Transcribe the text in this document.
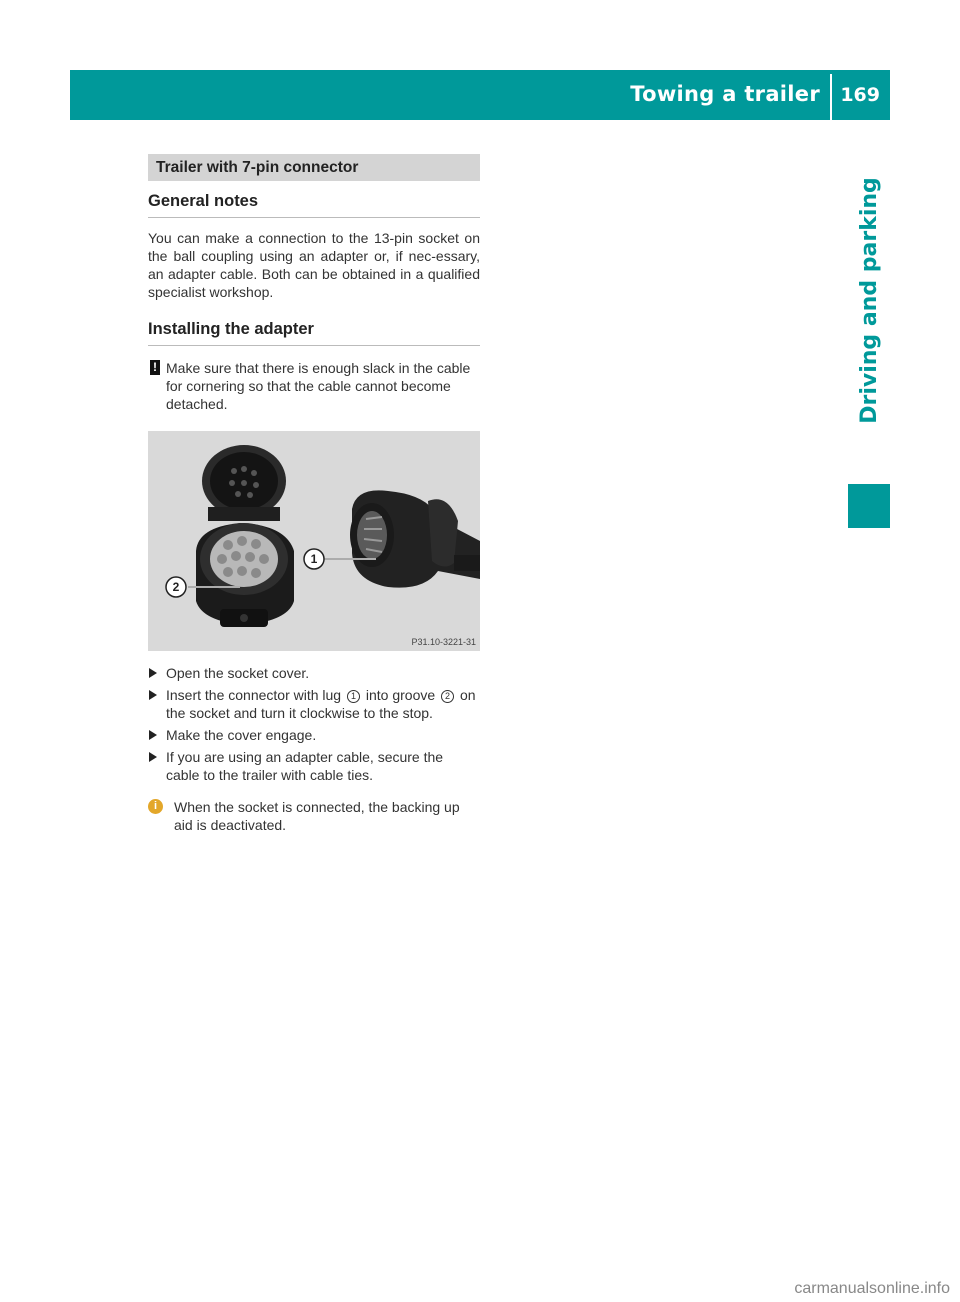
Towing a trailer 169
Driving and parking
Trailer with 7-pin connector
General notes

You can make a connection to the 13-pin socket on the ball coupling using an adapter or, if nec-essary, an adapter cable. Both can be obtained in a qualified specialist workshop.

Installing the adapter
! Make sure that there is enough slack in the cable for cornering so that the cable cannot become detached.
1
2
P31.10-3221-31
Open the socket cover.
Insert the connector with lug 1 into groove 2 on the socket and turn it clockwise to the stop.
Make the cover engage.
If you are using an adapter cable, secure the cable to the trailer with cable ties.
i	When the socket is connected, the backing up aid is deactivated.
carmanualsonline.info
